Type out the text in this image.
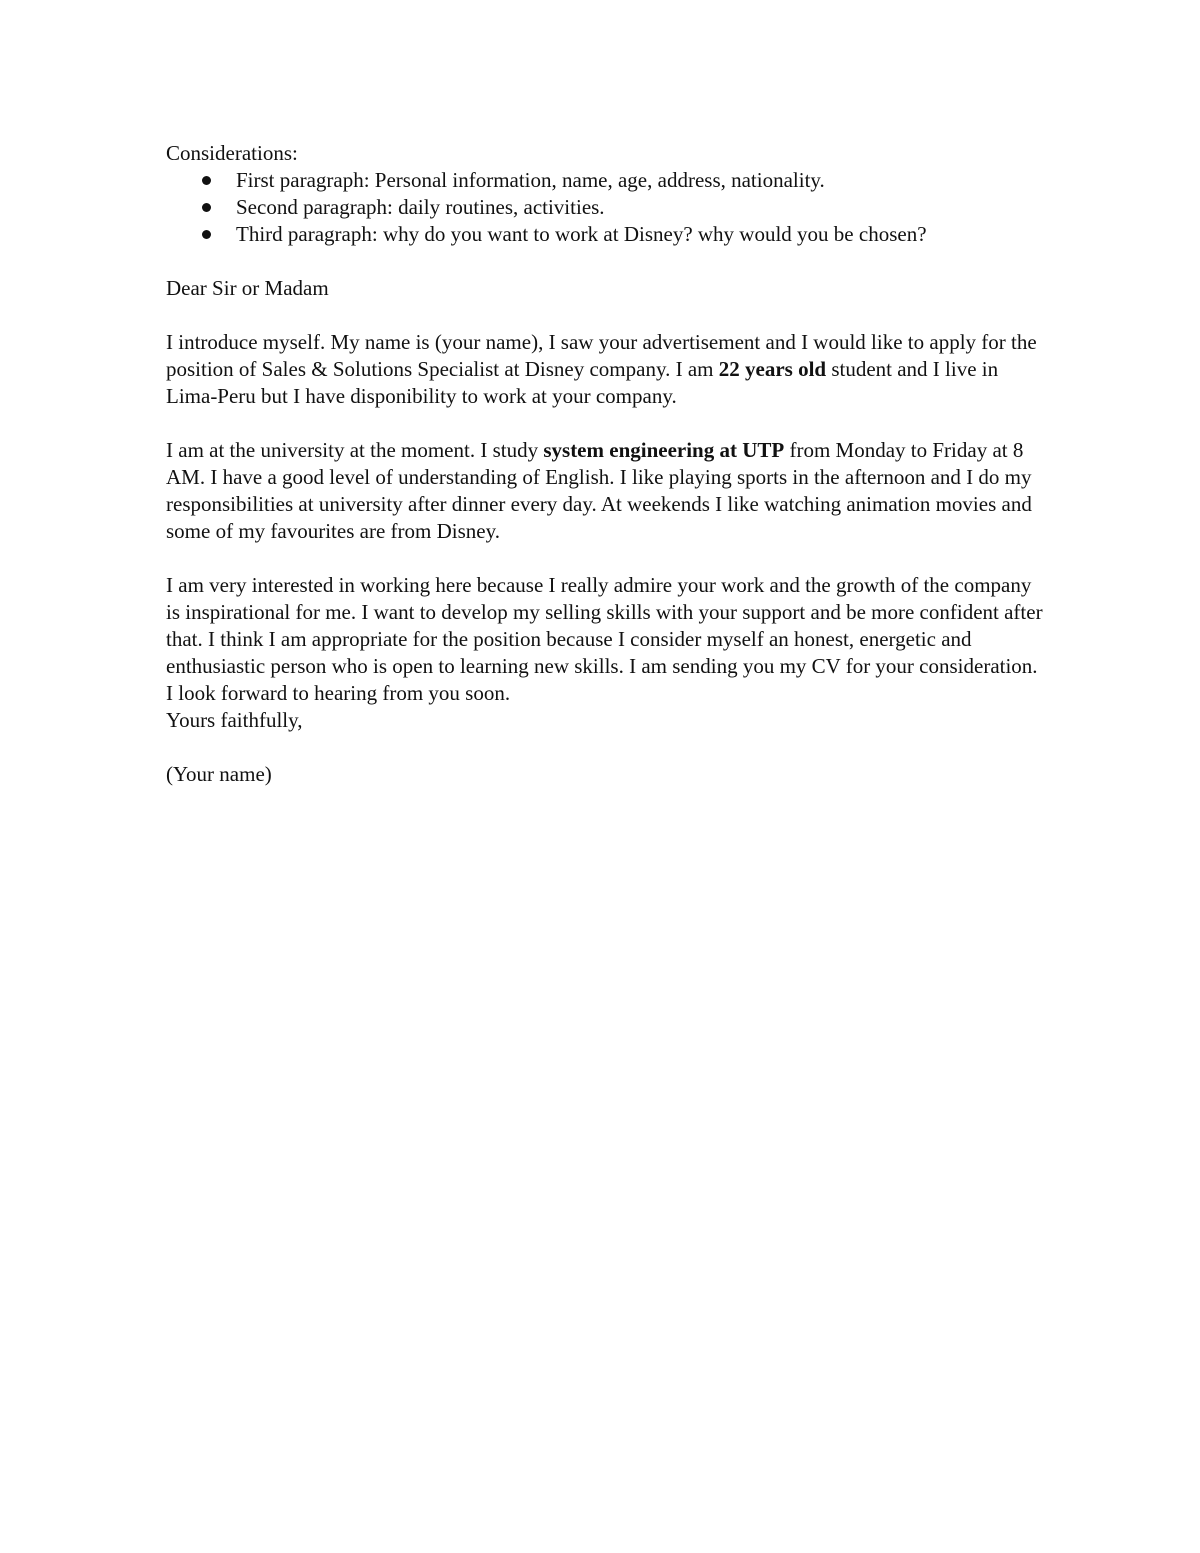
Considerations:

First paragraph: Personal information, name, age, address, nationality.
Second paragraph: daily routines, activities.
Third paragraph: why do you want to work at Disney? why would you be chosen?

Dear Sir or Madam

I introduce myself. My name is (your name), I saw your advertisement and I would like to apply for the position of Sales & Solutions Specialist at Disney company. I am 22 years old student and I live in Lima-Peru but I have disponibility to work at your company.

I am at the university at the moment. I study system engineering at UTP from Monday to Friday at 8 AM. I have a good level of understanding of English. I like playing sports in the afternoon and I do my responsibilities at university after dinner every day. At weekends I like watching animation movies and some of my favourites are from Disney.

I am very interested in working here because I really admire your work and the growth of the company is inspirational for me. I want to develop my selling skills with your support and be more confident after that. I think I am appropriate for the position because I consider myself an honest, energetic and enthusiastic person who is open to learning new skills. I am sending you my CV for your consideration.

I look forward to hearing from you soon.

Yours faithfully,

(Your name)
